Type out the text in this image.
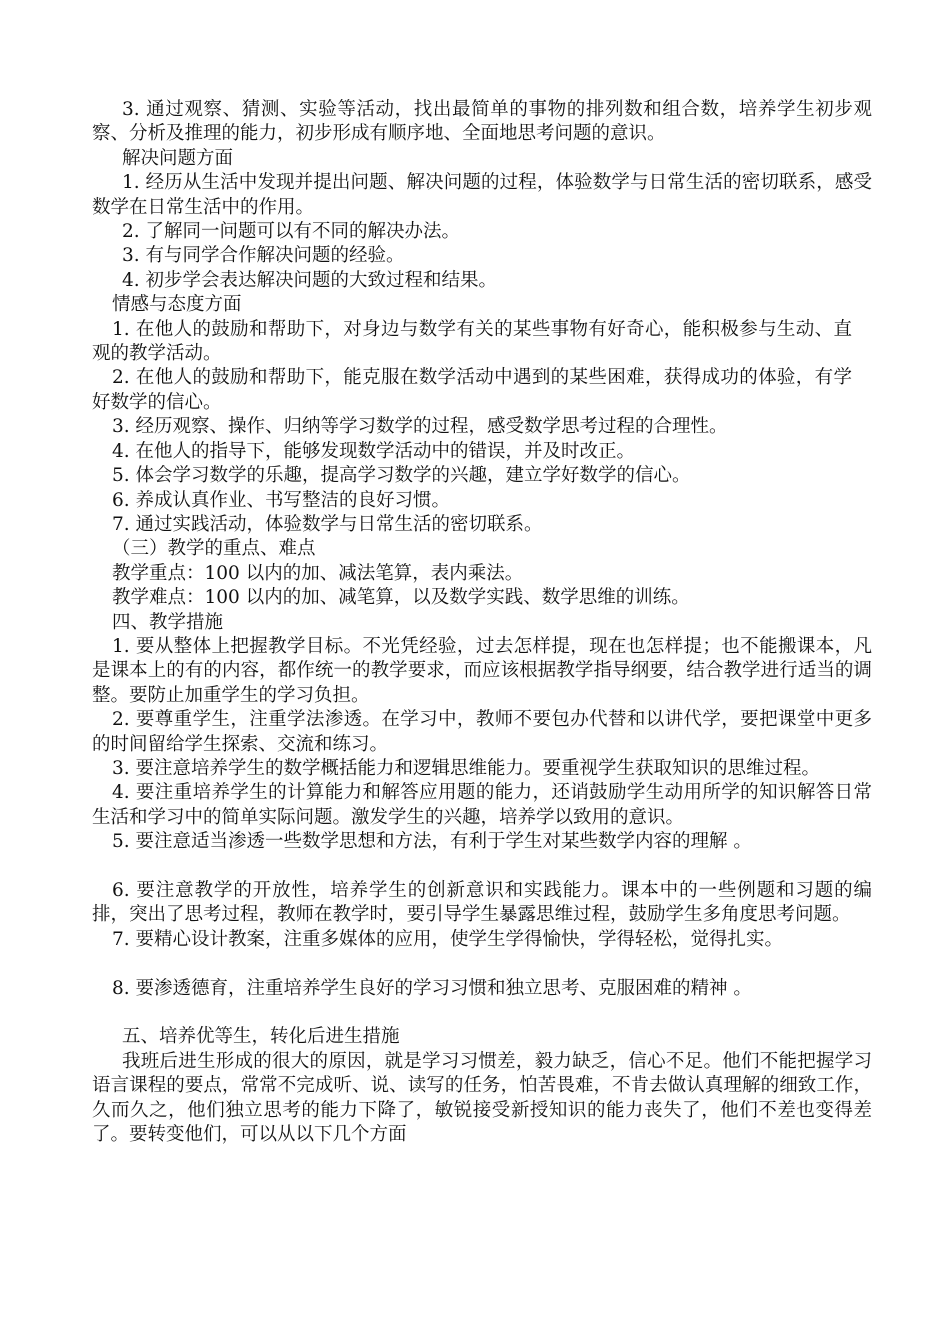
3. 通过观察、猜测、实验等活动，找出最简单的事物的排列数和组合数，培养学生初步观察、分析及推理的能力，初步形成有顺序地、全面地思考问题的意识。

解决问题方面

1. 经历从生活中发现并提出问题、解决问题的过程，体验数学与日常生活的密切联系，感受数学在日常生活中的作用。

2. 了解同一问题可以有不同的解决办法。

3. 有与同学合作解决问题的经验。

4. 初步学会表达解决问题的大致过程和结果。

情感与态度方面

1. 在他人的鼓励和帮助下，对身边与数学有关的某些事物有好奇心，能积极参与生动、直观的教学活动。

2. 在他人的鼓励和帮助下，能克服在数学活动中遇到的某些困难，获得成功的体验，有学好数学的信心。

3. 经历观察、操作、归纳等学习数学的过程，感受数学思考过程的合理性。

4. 在他人的指导下，能够发现数学活动中的错误，并及时改正。

5. 体会学习数学的乐趣，提高学习数学的兴趣，建立学好数学的信心。

6. 养成认真作业、书写整洁的良好习惯。

7. 通过实践活动，体验数学与日常生活的密切联系。

（三）教学的重点、难点

教学重点：100 以内的加、减法笔算，表内乘法。

教学难点：100 以内的加、减笔算，以及数学实践、数学思维的训练。

四、教学措施

1. 要从整体上把握教学目标。不光凭经验，过去怎样提，现在也怎样提；也不能搬课本，凡是课本上的有的内容，都作统一的教学要求，而应该根据教学指导纲要，结合教学进行适当的调整。要防止加重学生的学习负担。

2. 要尊重学生，注重学法渗透。在学习中，教师不要包办代替和以讲代学，要把课堂中更多的时间留给学生探索、交流和练习。

3. 要注意培养学生的数学概括能力和逻辑思维能力。要重视学生获取知识的思维过程。

4. 要注重培养学生的计算能力和解答应用题的能力，还诮鼓励学生动用所学的知识解答日常生活和学习中的简单实际问题。激发学生的兴趣，培养学以致用的意识。

5. 要注意适当渗透一些数学思想和方法，有利于学生对某些数学内容的理解 。

6. 要注意教学的开放性，培养学生的创新意识和实践能力。课本中的一些例题和习题的编排，突出了思考过程，教师在教学时，要引导学生暴露思维过程，鼓励学生多角度思考问题。

7. 要精心设计教案，注重多媒体的应用，使学生学得愉快，学得轻松，觉得扎实。

8. 要渗透德育，注重培养学生良好的学习习惯和独立思考、克服困难的精神 。

五、培养优等生，转化后进生措施

我班后进生形成的很大的原因，就是学习习惯差，毅力缺乏，信心不足。他们不能把握学习语言课程的要点，常常不完成听、说、读写的任务，怕苦畏难，不肯去做认真理解的细致工作，久而久之，他们独立思考的能力下降了，敏锐接受新授知识的能力丧失了，他们不差也变得差了。要转变他们，可以从以下几个方面
